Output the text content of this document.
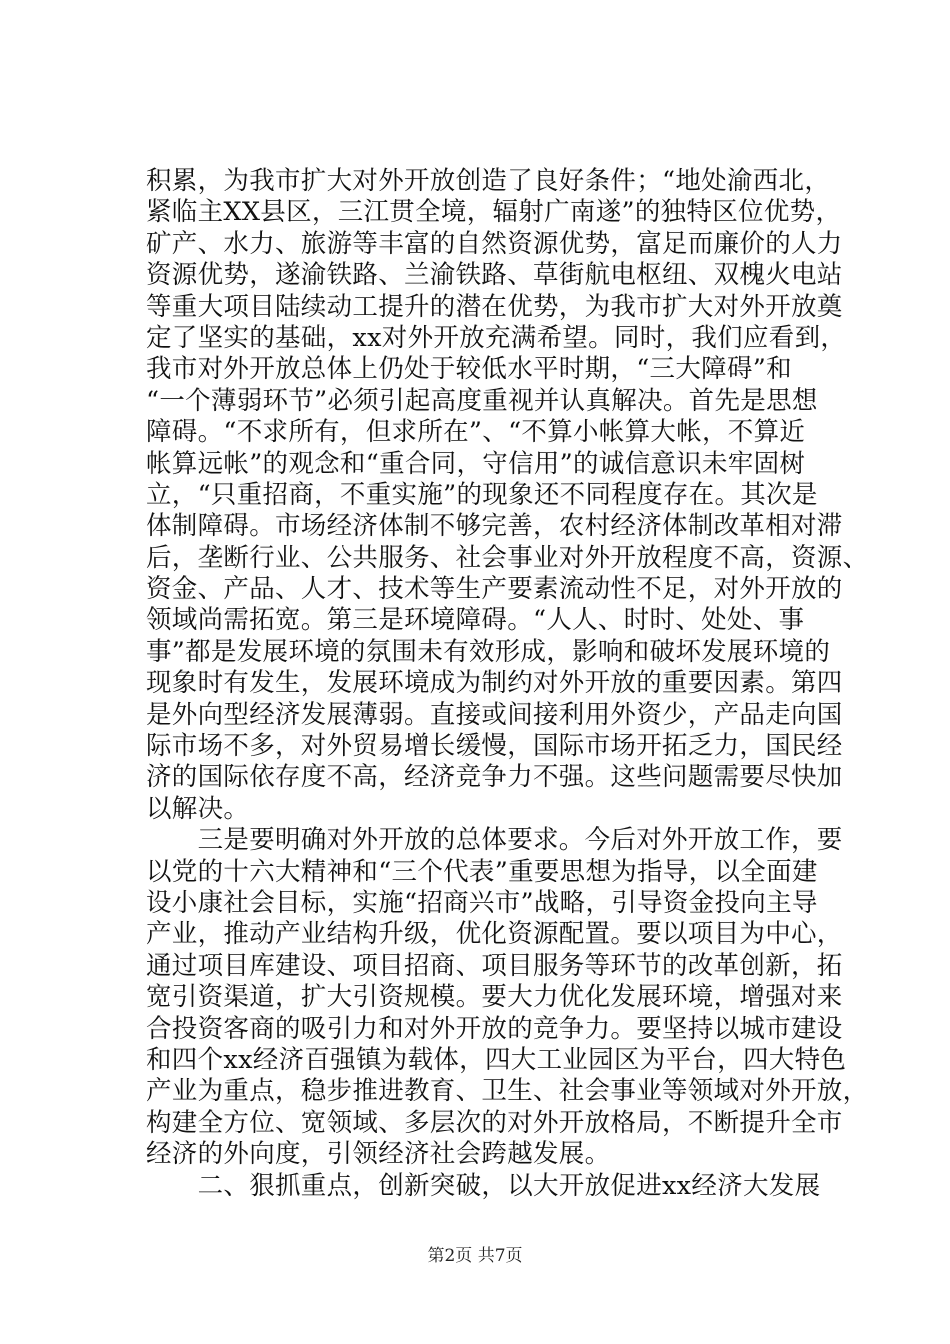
积累，为我市扩大对外开放创造了良好条件；“地处渝西北，
紧临主XX县区，三江贯全境，辐射广南遂”的独特区位优势，
矿产、水力、旅游等丰富的自然资源优势，富足而廉价的人力
资源优势，遂渝铁路、兰渝铁路、草街航电枢纽、双槐火电站
等重大项目陆续动工提升的潜在优势，为我市扩大对外开放奠
定了坚实的基础，xx对外开放充满希望。同时，我们应看到，
我市对外开放总体上仍处于较低水平时期，“三大障碍”和
“一个薄弱环节”必须引起高度重视并认真解决。首先是思想
障碍。“不求所有，但求所在”、“不算小帐算大帐，不算近
帐算远帐”的观念和“重合同，守信用”的诚信意识未牢固树
立，“只重招商，不重实施”的现象还不同程度存在。其次是
体制障碍。市场经济体制不够完善，农村经济体制改革相对滞
后，垄断行业、公共服务、社会事业对外开放程度不高，资源、
资金、产品、人才、技术等生产要素流动性不足，对外开放的
领域尚需拓宽。第三是环境障碍。“人人、时时、处处、事
事”都是发展环境的氛围未有效形成，影响和破坏发展环境的
现象时有发生，发展环境成为制约对外开放的重要因素。第四
是外向型经济发展薄弱。直接或间接利用外资少，产品走向国
际市场不多，对外贸易增长缓慢，国际市场开拓乏力，国民经
济的国际依存度不高，经济竞争力不强。这些问题需要尽快加
以解决。
　　三是要明确对外开放的总体要求。今后对外开放工作，要
以党的十六大精神和“三个代表”重要思想为指导，以全面建
设小康社会目标，实施“招商兴市”战略，引导资金投向主导
产业，推动产业结构升级，优化资源配置。要以项目为中心，
通过项目库建设、项目招商、项目服务等环节的改革创新，拓
宽引资渠道，扩大引资规模。要大力优化发展环境，增强对来
合投资客商的吸引力和对外开放的竞争力。要坚持以城市建设
和四个xx经济百强镇为载体，四大工业园区为平台，四大特色
产业为重点，稳步推进教育、卫生、社会事业等领域对外开放，
构建全方位、宽领域、多层次的对外开放格局，不断提升全市
经济的外向度，引领经济社会跨越发展。
　　二、狠抓重点，创新突破，以大开放促进xx经济大发展
第2页 共7页
